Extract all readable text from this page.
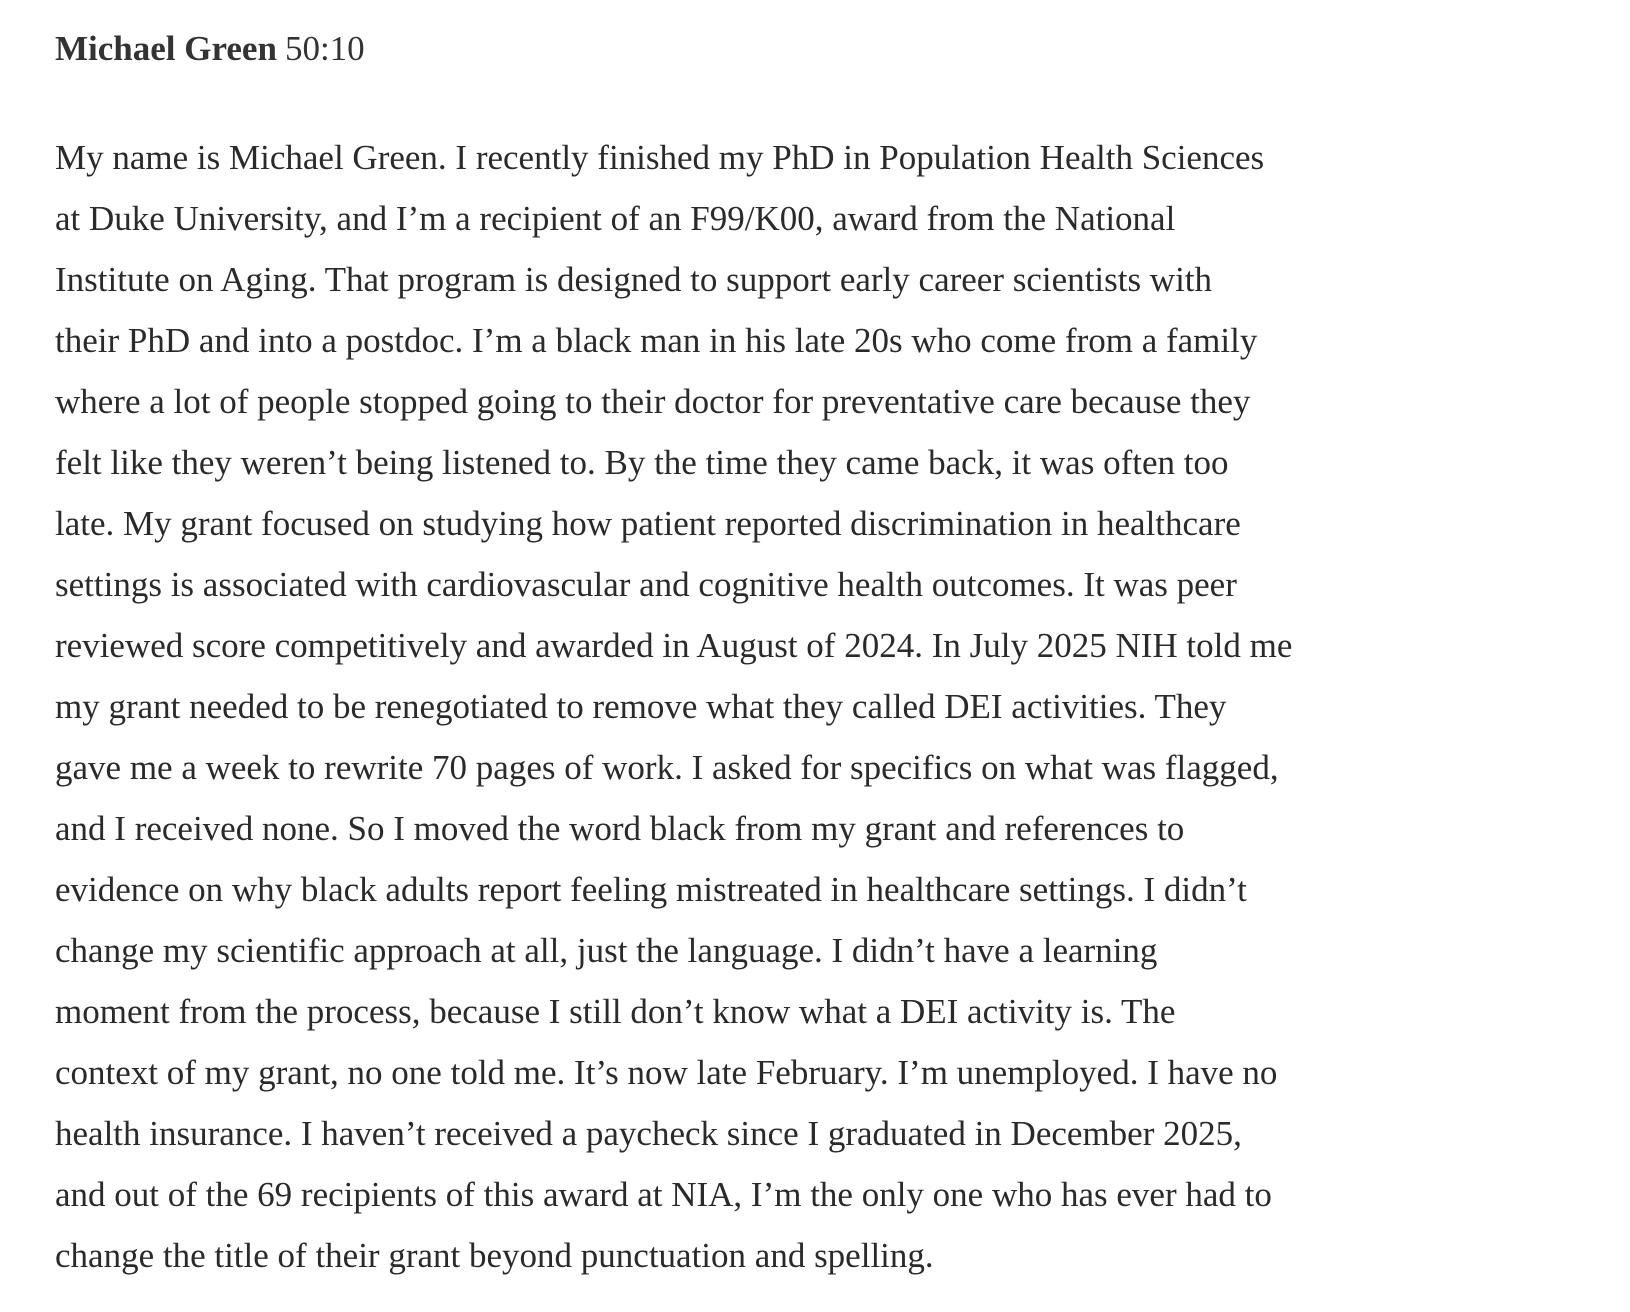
Michael Green 50:10

My name is Michael Green. I recently finished my PhD in Population Health Sciences
at Duke University, and I’m a recipient of an F99/K00, award from the National
Institute on Aging. That program is designed to support early career scientists with
their PhD and into a postdoc. I’m a black man in his late 20s who come from a family
where a lot of people stopped going to their doctor for preventative care because they
felt like they weren’t being listened to. By the time they came back, it was often too
late. My grant focused on studying how patient reported discrimination in healthcare
settings is associated with cardiovascular and cognitive health outcomes. It was peer
reviewed score competitively and awarded in August of 2024. In July 2025 NIH told me
my grant needed to be renegotiated to remove what they called DEI activities. They
gave me a week to rewrite 70 pages of work. I asked for specifics on what was flagged,
and I received none. So I moved the word black from my grant and references to
evidence on why black adults report feeling mistreated in healthcare settings. I didn’t
change my scientific approach at all, just the language. I didn’t have a learning
moment from the process, because I still don’t know what a DEI activity is. The
context of my grant, no one told me. It’s now late February. I’m unemployed. I have no
health insurance. I haven’t received a paycheck since I graduated in December 2025,
and out of the 69 recipients of this award at NIA, I’m the only one who has ever had to
change the title of their grant beyond punctuation and spelling.
